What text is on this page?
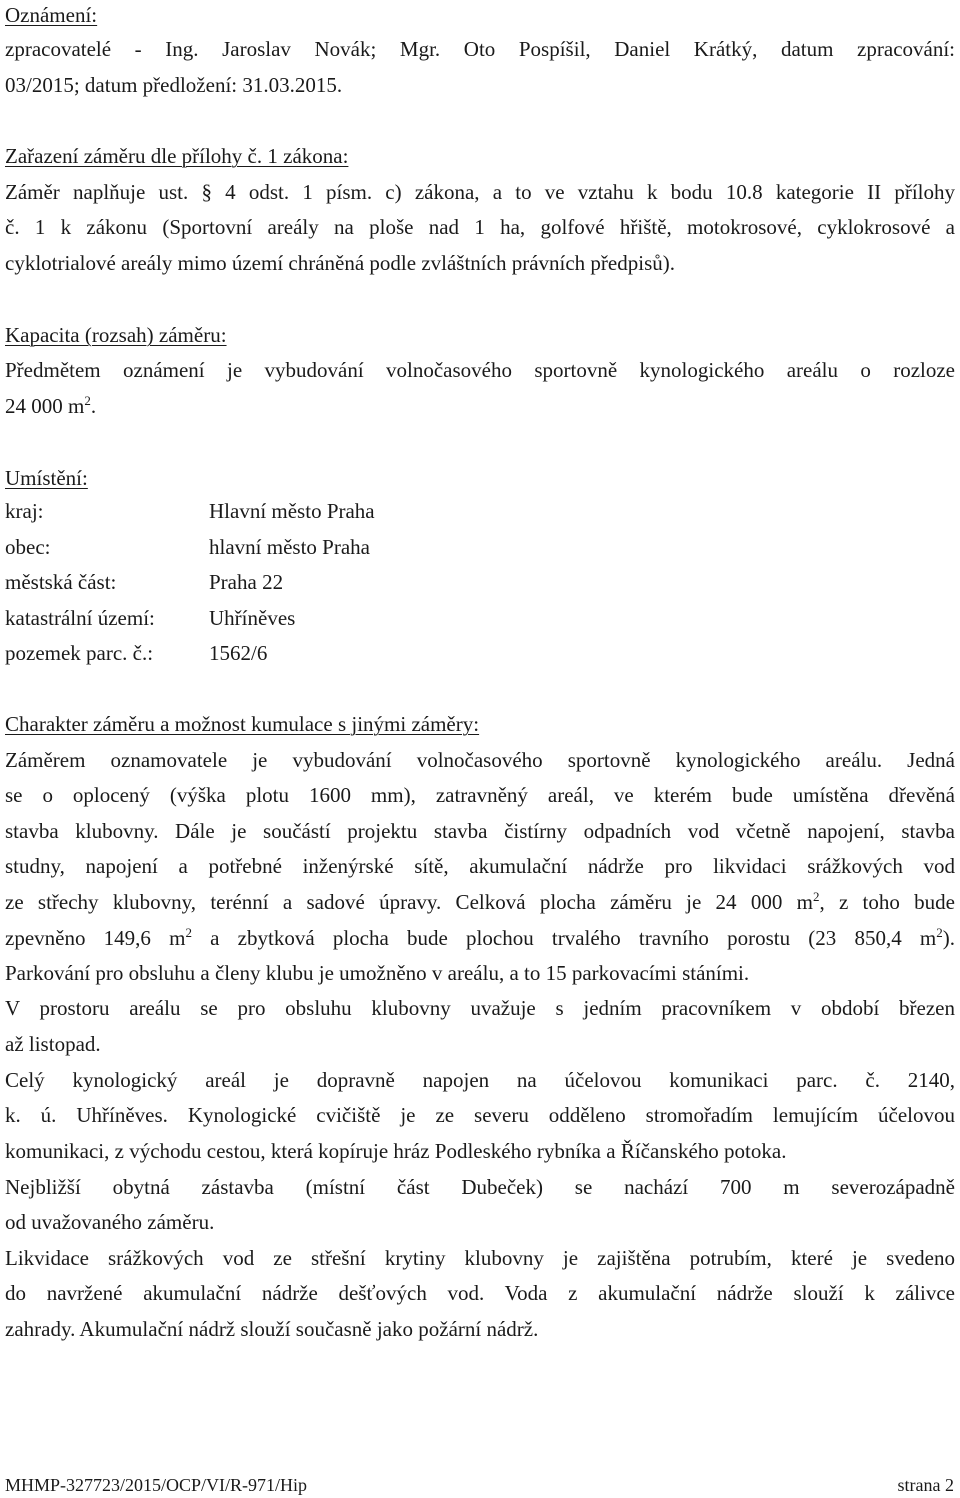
Oznámení:
zpracovatelé - Ing. Jaroslav Novák; Mgr. Oto Pospíšil, Daniel Krátký, datum zpracování:
03/2015; datum předložení: 31.03.2015.
Zařazení záměru dle přílohy č. 1 zákona:
Záměr naplňuje ust. § 4 odst. 1 písm. c) zákona, a to ve vztahu k bodu 10.8 kategorie II přílohy
č. 1 k zákonu (Sportovní areály na ploše nad 1 ha, golfové hřiště, motokrosové, cyklokrosové a
cyklotrialové areály mimo území chráněná podle zvláštních právních předpisů).
Kapacita (rozsah) záměru:
Předmětem oznámení je vybudování volnočasového sportovně kynologického areálu o rozloze
24 000 $m^2$.
Umístění:
kraj:	Hlavní město Praha
obec:	hlavní město Praha
městská část:	Praha 22
katastrální území:	Uhříněves
pozemek parc. č.:	1562/6
Charakter záměru a možnost kumulace s jinými záměry:
Záměrem oznamovatele je vybudování volnočasového sportovně kynologického areálu. Jedná
se o oplocený (výška plotu 1600 mm), zatravněný areál, ve kterém bude umístěna dřevěná
stavba klubovny. Dále je součástí projektu stavba čistírny odpadních vod včetně napojení, stavba
studny, napojení a potřebné inženýrské sítě, akumulační nádrže pro likvidaci srážkových vod
ze střechy klubovny, terénní a sadové úpravy. Celková plocha záměru je 24 000 $m^2$, z toho bude
zpevněno 149,6 $m^2$ a zbytková plocha bude plochou trvalého travního porostu (23 850,4 $m^2$).
Parkování pro obsluhu a členy klubu je umožněno v areálu, a to 15 parkovacími stáními.
V prostoru areálu se pro obsluhu klubovny uvažuje s jedním pracovníkem v období březen
až listopad.
Celý kynologický areál je dopravně napojen na účelovou komunikaci parc. č. 2140,
k. ú. Uhříněves. Kynologické cvičiště je ze severu odděleno stromořadím lemujícím účelovou
komunikaci, z východu cestou, která kopíruje hráz Podleského rybníka a Říčanského potoka.
Nejbližší obytná zástavba (místní část Dubeček) se nachází 700 m severozápadně
od uvažovaného záměru.
Likvidace srážkových vod ze střešní krytiny klubovny je zajištěna potrubím, které je svedeno
do navržené akumulační nádrže dešťových vod. Voda z akumulační nádrže slouží k zálivce
zahrady. Akumulační nádrž slouží současně jako požární nádrž.
MHMP-327723/2015/OCP/VI/R-971/Hip	strana 2
